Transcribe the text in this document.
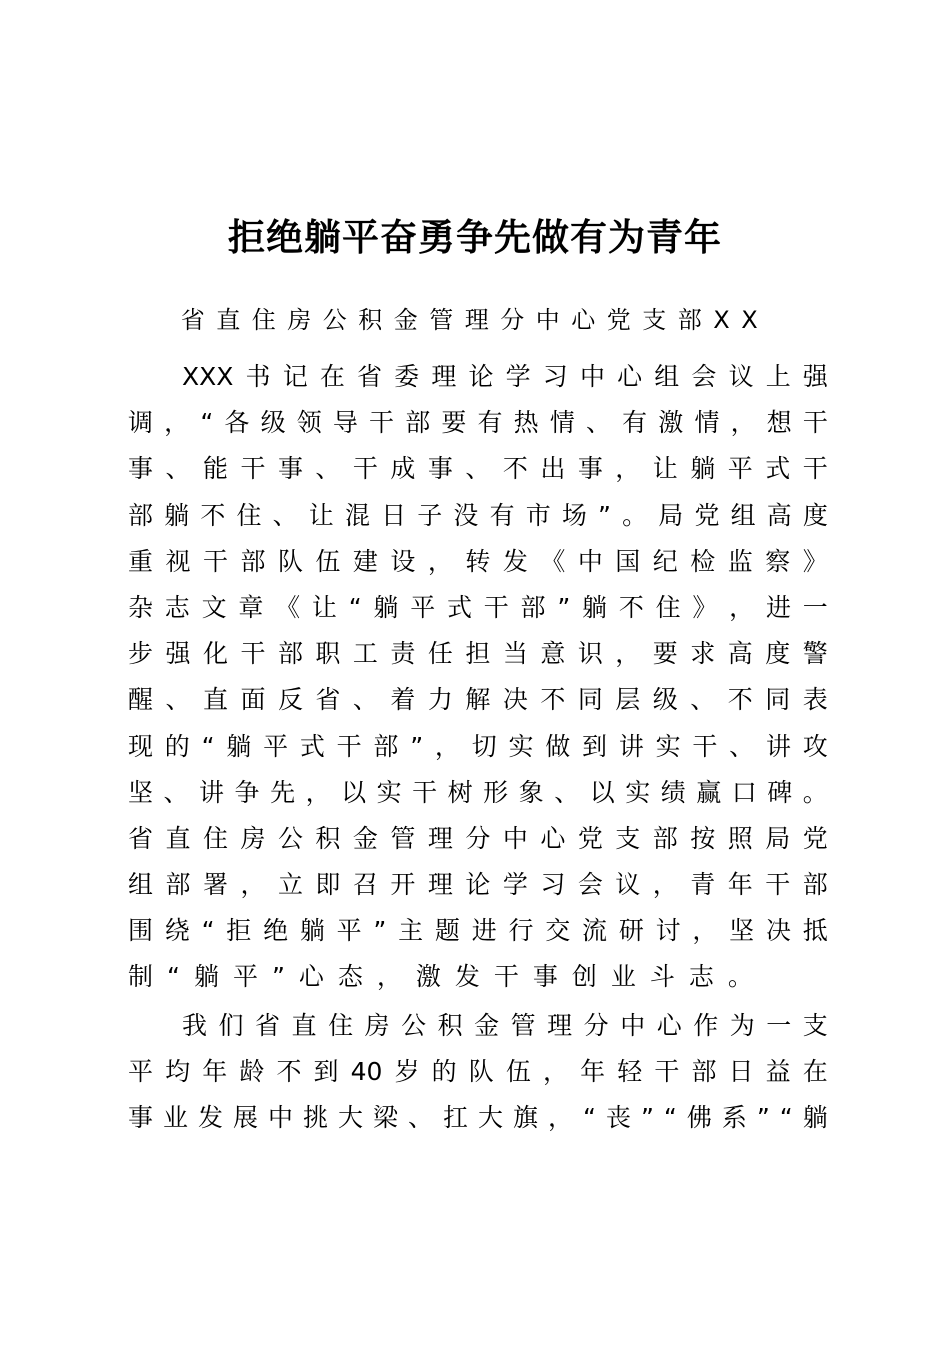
拒绝躺平奋勇争先做有为青年

省直住房公积金管理分中心党支部XX

XXX 书 记 在 省 委 理 论 学 习 中 心 组 会 议 上 强
调 ， “ 各 级 领 导 干 部 要 有 热 情 、 有 激 情 ， 想 干
事 、 能 干 事 、 干 成 事 、 不 出 事 ， 让 躺 平 式 干
部 躺 不 住 、 让 混 日 子 没 有 市 场 ” 。 局 党 组 高 度
重 视 干 部 队 伍 建 设 ， 转 发 《 中 国 纪 检 监 察 》
杂 志 文 章 《 让 “ 躺 平 式 干 部 ” 躺 不 住 》 ， 进 一
步 强 化 干 部 职 工 责 任 担 当 意 识 ， 要 求 高 度 警
醒 、 直 面 反 省 、 着 力 解 决 不 同 层 级 、 不 同 表
现 的 “ 躺 平 式 干 部 ” ， 切 实 做 到 讲 实 干 、 讲 攻
坚 、 讲 争 先 ， 以 实 干 树 形 象 、 以 实 绩 赢 口 碑 。
省 直 住 房 公 积 金 管 理 分 中 心 党 支 部 按 照 局 党
组 部 署 ， 立 即 召 开 理 论 学 习 会 议 ， 青 年 干 部
围 绕 “ 拒 绝 躺 平 ” 主 题 进 行 交 流 研 讨 ， 坚 决 抵
制“躺平”心态，激发干事创业斗志。
我 们 省 直 住 房 公 积 金 管 理 分 中 心 作 为 一 支
平 均 年 龄 不 到 40 岁 的 队 伍 ， 年 轻 干 部 日 益 在
事 业 发 展 中 挑 大 梁 、 扛 大 旗 ， “ 丧 ” “ 佛 系 ” “ 躺
